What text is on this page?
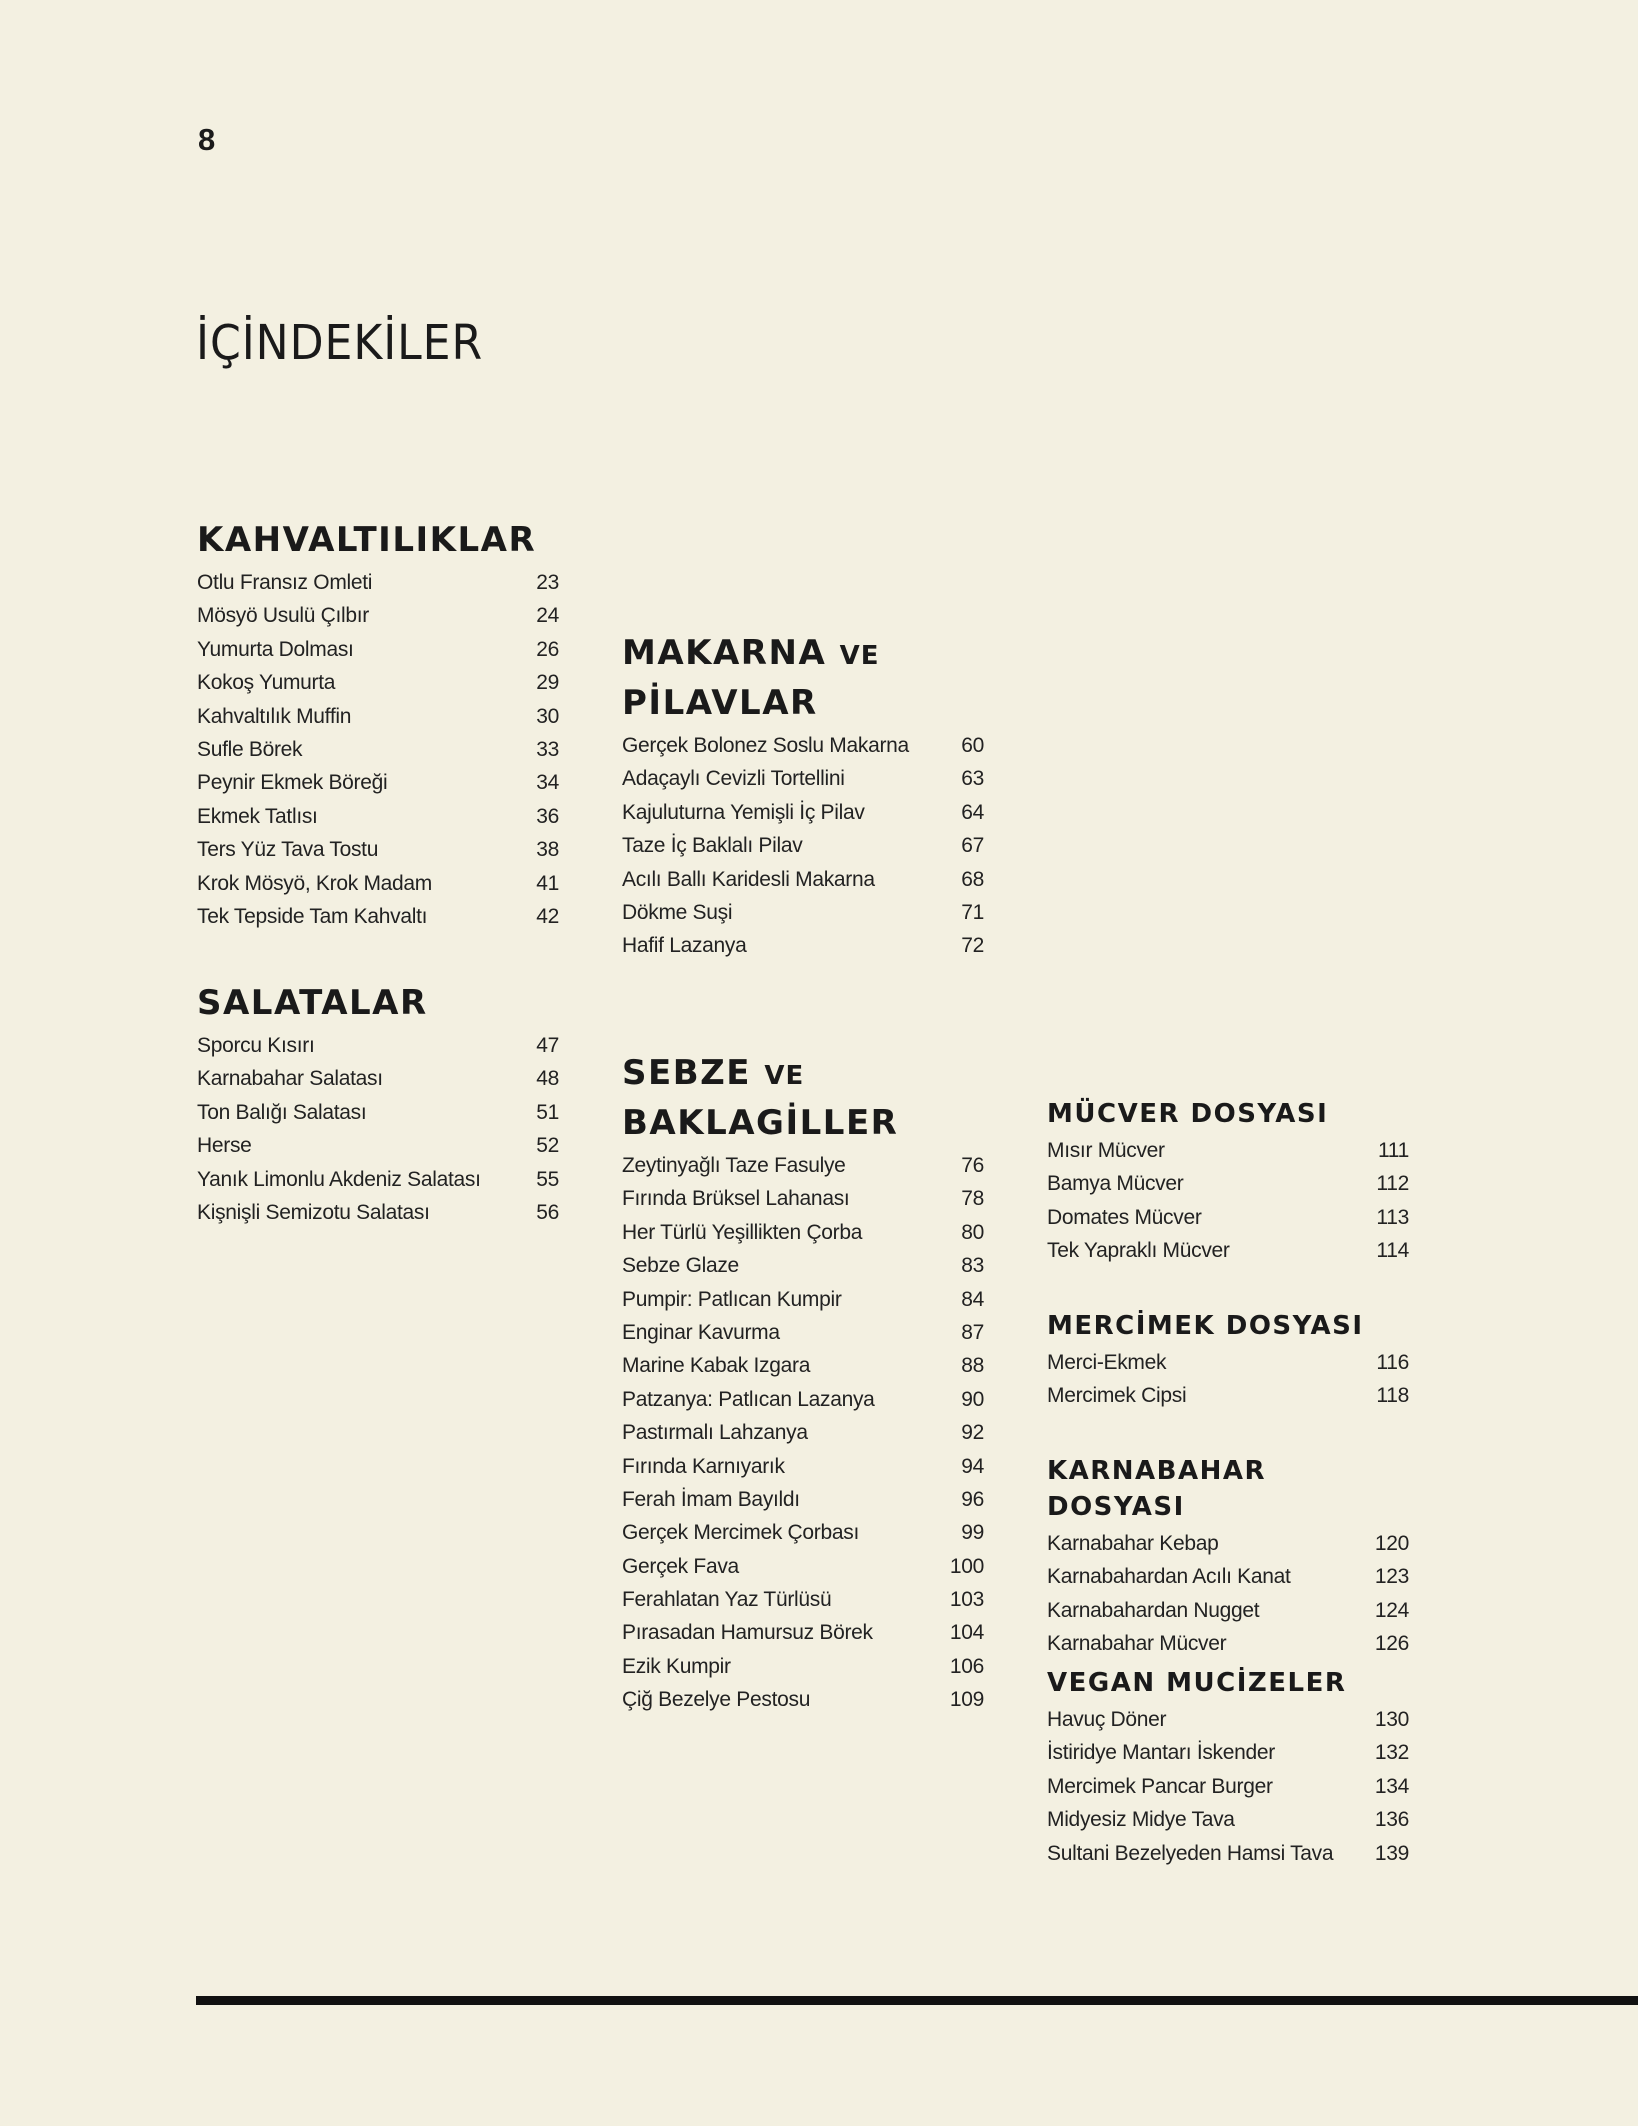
8
İÇİNDEKİLER
KAHVALTILIKLAR
Otlu Fransız Omleti	23
Mösyö Usulü Çılbır	24
Yumurta Dolması	26
Kokoş Yumurta	29
Kahvaltılık Muffin	30
Sufle Börek	33
Peynir Ekmek Böreği	34
Ekmek Tatlısı	36
Ters Yüz Tava Tostu	38
Krok Mösyö, Krok Madam	41
Tek Tepside Tam Kahvaltı	42
SALATALAR
Sporcu Kısırı	47
Karnabahar Salatası	48
Ton Balığı Salatası	51
Herse	52
Yanık Limonlu Akdeniz Salatası	55
Kişnişli Semizotu Salatası	56
MAKARNA VE
PİLAVLAR
Gerçek Bolonez Soslu Makarna 60
Adaçaylı Cevizli Tortellini	63
Kajuluturna Yemişli İç Pilav	64
Taze İç Baklalı Pilav	67
Acılı Ballı Karidesli Makarna	68
Dökme Suşi	71
Hafif Lazanya	72
SEBZE VE
BAKLAGİLLER
Zeytinyağlı Taze Fasulye	76
Fırında Brüksel Lahanası	78
Her Türlü Yeşillikten Çorba	80
Sebze Glaze	83
Pumpir: Patlıcan Kumpir	84
Enginar Kavurma	87
Marine Kabak Izgara	88
Patzanya: Patlıcan Lazanya	90
Pastırmalı Lahzanya	92
Fırında Karnıyarık	94
Ferah İmam Bayıldı	96
Gerçek Mercimek Çorbası	99
Gerçek Fava	100
Ferahlatan Yaz Türlüsü	103
Pırasadan Hamursuz Börek	104
Ezik Kumpir	106
Çiğ Bezelye Pestosu	109
MÜCVER DOSYASI
Mısır Mücver	111
Bamya Mücver	112
Domates Mücver	113
Tek Yapraklı Mücver	114
MERCİMEK DOSYASI
Merci-Ekmek	116
Mercimek Cipsi	118
KARNABAHAR DOSYASI
Karnabahar Kebap	120
Karnabahardan Acılı Kanat	123
Karnabahardan Nugget	124
Karnabahar Mücver	126
VEGAN MUCİZELER
Havuç Döner	130
İstiridye Mantarı İskender	132
Mercimek Pancar Burger	134
Midyesiz Midye Tava	136
Sultani Bezelyeden Hamsi Tava 139
